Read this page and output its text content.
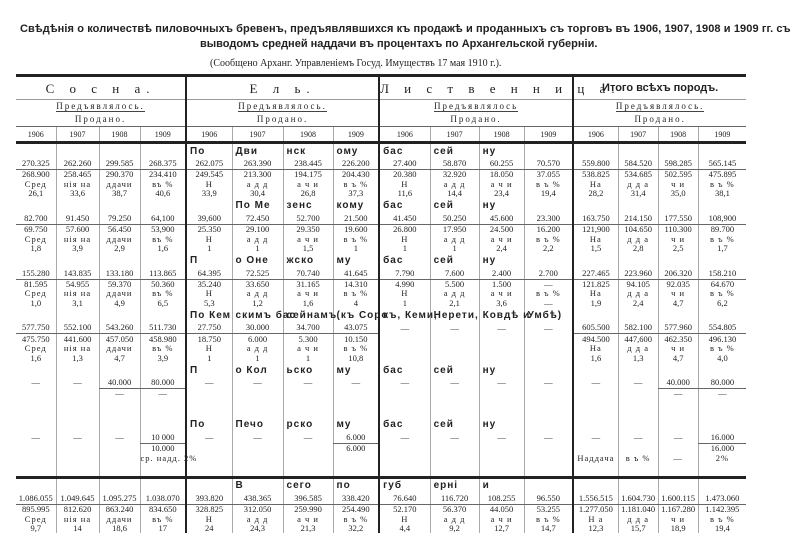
Свѣдѣнія о количествѣ пиловочныхъ бревенъ, предъявлявшихся къ продажѣ и проданныхъ съ торговъ въ 1906, 1907, 1908 и 1909 гг. съ
выводомъ средней наддачи въ процентахъ по Архангельской губерніи.
(Сообщено Арханг. Управленіемъ Госуд. Имуществъ 17 мая 1910 г.).
С о с н а.				Е л ь.				Л и с т в е н н и ц а.				Итого всѣхъ породъ.			
Предъявлялось.				Предъявлялось.				Предъявлялось				Предъявлялось.			
Продано.				Продано.				Продано.				Продано.			
1906	1907	1908	1909	1906	1907	1908	1909	1906	1907	1908	1909	1906	1907	1908	1909
				По	Дви	нск	ому	бас	сей	ну					
270.325	262.260	299.585	268.375	262.075	263.390	238.445	226.200	27.400	58.870	60.255	70.570	559.800	584.520	598.285	565.145
268.900	258.465	290.370	234.410	249.545	213.300	194.175	204.430	20.380	32.920	18.050	37.055	538.825	534.685	502.595	475.895
Сред	нія на	ддачи	въ %	Н	а д д	а ч и	в ъ %	Н	а д д	а ч и	в ъ %	На	д д а	ч и	в ъ %
26,1	33,6	38,7	40,6	33,9	30,4	26,8	37,3	11,6	14,4	23,4	19,4	28,2	31,4	35,0	38,1
					По Ме	зенс	кому	бас	сей	ну					
82.700	91.450	79.250	64,100	39,600	72.450	52.700	21.500	41.450	50.250	45.600	23.300	163.750	214.150	177.550	108,900
69.750	57.600	56.450	53,900	25.350	29.100	29.350	19.600	26.800	17.950	24.500	16.200	121,900	104.650	110.300	89.700
Сред	нія на	ддачи	въ %	Н	а д д	а ч и	в ъ %	Н	а д д	а ч и	в ъ %	На	д д а	ч и	в ъ %
1,8	3,9	2,9	1,6	1	1	1,5	1	1	1	2,4	2,2	1,5	2,8	2,5	1,7
				П	о Оне	жско	му	бас	сей	ну					
155.280	143.835	133.180	113.865	64.395	72.525	70.740	41.645	7.790	7.600	2.400	2.700	227.465	223.960	206.320	158.210
81.595	54.955	59.370	50.360	35.240	33.650	31.165	14.310	4.990	5.500	1.500	—	121.825	94.105	92.035	64.670
Сред	нія на	ддачи	въ %	Н	а д д	а ч и	в ъ %	Н	а д д	а ч и	в ъ %	На	д д а	ч и	в ъ %
1,0	3,1	4,9	6,5	5,3	1,2	1,6	4	1	2,1	3,6	—	1,9	2,4	4,7	6,2
				По Кем	скимъ бас	сейнамъ	(къ Соро	къ, Кеми,	Нерети,	Ковдѣ и	Умбѣ)				
577.750	552.100	543.260	511.730	27.750	30.000	34.700	43.075	—	—	—	—	605.500	582.100	577.960	554.805
475.750	441.600	457.050	458.980	18.750	6.000	5.300	10.150					494.500	447,600	462.350	496.130
Сред	нія на	ддачи	въ %	Н	а д д	а ч и	в ъ %					На	д д а	ч и	в ъ %
1,6	1,3	4,7	3,9	1	1	1	10,8					1,6	1,3	4,7	4,0
				П	о Кол	ьско	му	бас	сей	ну					
—	—	40.000	80.000	—	—	—	—	—	—	—	—	—	—	40.000	80.000
		—	—											—	—

				По	Печо	рско	му	бас	сей	ну					
—	—	—	10 000	—	—	—	6.000	—	—	—	—	—	—	—	16.000
			10.000				6.000								16.000
			ср. надд. 2%									Наддача	в ъ %	—	2%

					В	сего	по	губ	ерні	и					
1.086.055	1.049.645	1.095.275	1.038.070	393.820	438.365	396.585	338.420	76.640	116.720	108.255	96.550	1.556.515	1.604.730	1.600.115	1.473.060
895.995	812.620	863.240	834.650	328.825	312.050	259.990	254.490	52.170	56.370	44.050	53.255	1.277.050	1.181.040	1.167.280	1.142.395
Сред	нія на	ддачи	въ %	Н	а д д	а ч и	в ъ %	Н	а д д	а ч и	в ъ %	Н а	д д а	ч и	в ъ %
9,7	14	18,6	17	24	24,3	21,3	32,2	4,4	9,2	12,7	14,7	12,3	15,7	18,9	19,4
